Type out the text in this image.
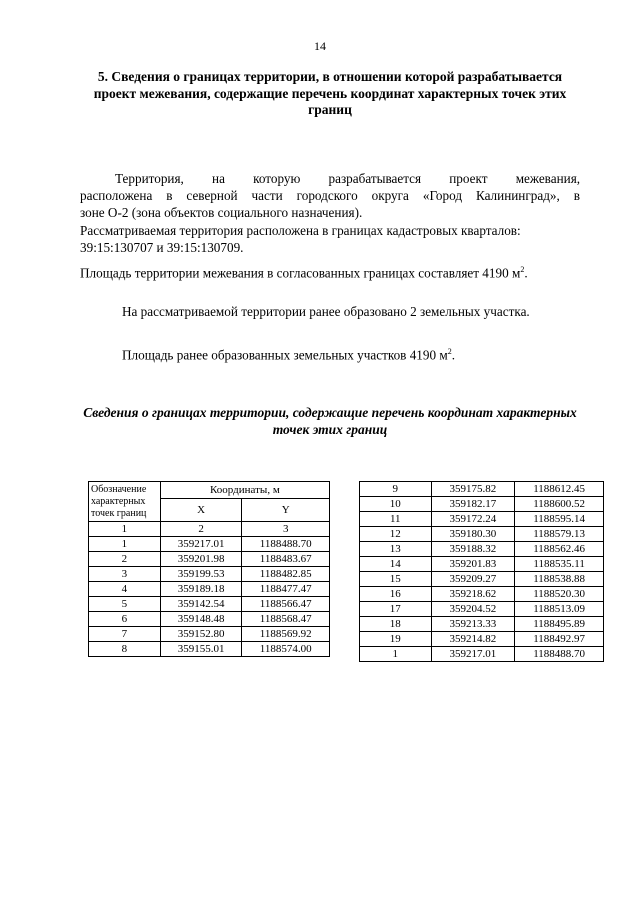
14
5. Сведения о границах территории, в отношении которой разрабатывается проект межевания, содержащие перечень координат характерных точек этих границ
Территория, на которую разрабатывается проект межевания,
расположена в северной части городского округа «Город Калининград», в
зоне О-2 (зона объектов социального назначения).
Рассматриваемая территория расположена в границах кадастровых кварталов: 39:15:130707 и 39:15:130709.
Площадь территории межевания в согласованных границах составляет 4190 $м^2$.
На рассматриваемой территории ранее образовано 2 земельных участка.
Площадь ранее образованных земельных участков 4190 $м^2$.
Сведения о границах территории, содержащие перечень координат характерных точек этих границ
Обозначение
характерных
точек границ	Координаты, м	
	X	Y
1	2	3
1	359217.01	1188488.70
2	359201.98	1188483.67
3	359199.53	1188482.85
4	359189.18	1188477.47
5	359142.54	1188566.47
6	359148.48	1188568.47
7	359152.80	1188569.92
8	359155.01	1188574.00
9	359175.82	1188612.45
10	359182.17	1188600.52
11	359172.24	1188595.14
12	359180.30	1188579.13
13	359188.32	1188562.46
14	359201.83	1188535.11
15	359209.27	1188538.88
16	359218.62	1188520.30
17	359204.52	1188513.09
18	359213.33	1188495.89
19	359214.82	1188492.97
1	359217.01	1188488.70
